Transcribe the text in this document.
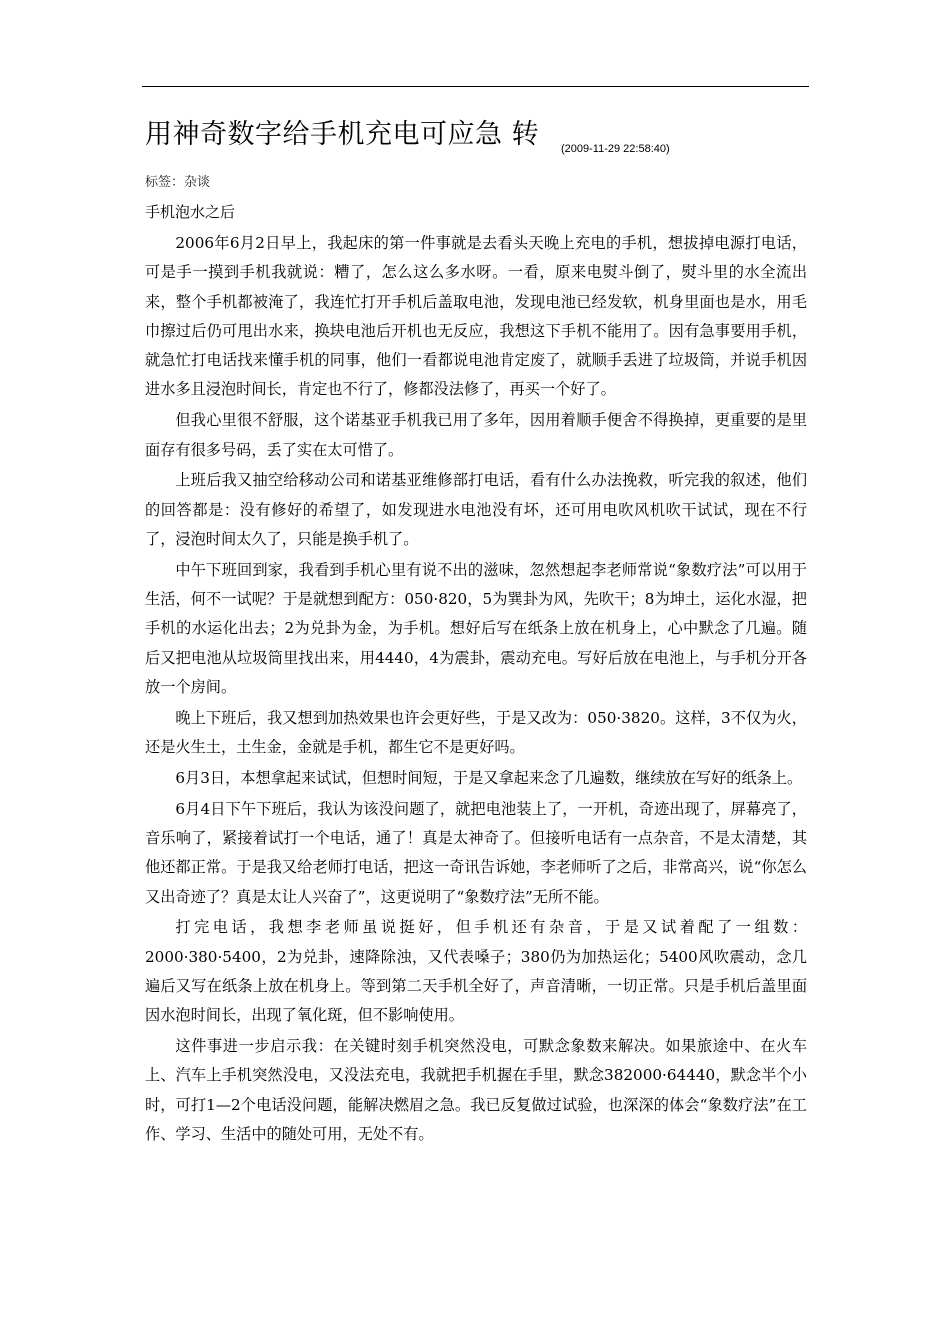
用神奇数字给手机充电可应急 转 (2009-11-29 22:58:40)
标签：杂谈
手机泡水之后

2006年6月2日早上，我起床的第一件事就是去看头天晚上充电的手机，想拔掉电源打电话，可是手一摸到手机我就说：糟了，怎么这么多水呀。一看，原来电熨斗倒了，熨斗里的水全流出来，整个手机都被淹了，我连忙打开手机后盖取电池，发现电池已经发软，机身里面也是水，用毛巾擦过后仍可甩出水来，换块电池后开机也无反应，我想这下手机不能用了。因有急事要用手机，就急忙打电话找来懂手机的同事，他们一看都说电池肯定废了，就顺手丢进了垃圾筒，并说手机因进水多且浸泡时间长，肯定也不行了，修都没法修了，再买一个好了。

但我心里很不舒服，这个诺基亚手机我已用了多年，因用着顺手便舍不得换掉，更重要的是里面存有很多号码，丢了实在太可惜了。

上班后我又抽空给移动公司和诺基亚维修部打电话，看有什么办法挽救，听完我的叙述，他们的回答都是：没有修好的希望了，如发现进水电池没有坏，还可用电吹风机吹干试试，现在不行了，浸泡时间太久了，只能是换手机了。

中午下班回到家，我看到手机心里有说不出的滋味，忽然想起李老师常说“象数疗法”可以用于生活，何不一试呢？于是就想到配方：050·820，5为巽卦为风，先吹干；8为坤土，运化水湿，把手机的水运化出去；2为兑卦为金，为手机。想好后写在纸条上放在机身上，心中默念了几遍。随后又把电池从垃圾筒里找出来，用4440，4为震卦，震动充电。写好后放在电池上，与手机分开各放一个房间。

晚上下班后，我又想到加热效果也许会更好些，于是又改为：050·3820。这样，3不仅为火，还是火生土，土生金，金就是手机，都生它不是更好吗。

6月3日，本想拿起来试试，但想时间短，于是又拿起来念了几遍数，继续放在写好的纸条上。

6月4日下午下班后，我认为该没问题了，就把电池装上了，一开机，奇迹出现了，屏幕亮了，音乐响了，紧接着试打一个电话，通了！真是太神奇了。但接听电话有一点杂音，不是太清楚，其他还都正常。于是我又给老师打电话，把这一奇讯告诉她，李老师听了之后，非常高兴，说“你怎么又出奇迹了？真是太让人兴奋了”，这更说明了“象数疗法”无所不能。

打完电话，我想李老师虽说挺好，但手机还有杂音，于是又试着配了一组数：2000·380·5400，2为兑卦，速降除浊，又代表嗓子；380仍为加热运化；5400风吹震动，念几遍后又写在纸条上放在机身上。等到第二天手机全好了，声音清晰，一切正常。只是手机后盖里面因水泡时间长，出现了氧化斑，但不影响使用。

这件事进一步启示我：在关键时刻手机突然没电，可默念象数来解决。如果旅途中、在火车上、汽车上手机突然没电，又没法充电，我就把手机握在手里，默念382000·64440，默念半个小时，可打1—2个电话没问题，能解决燃眉之急。我已反复做过试验，也深深的体会“象数疗法”在工作、学习、生活中的随处可用，无处不有。
